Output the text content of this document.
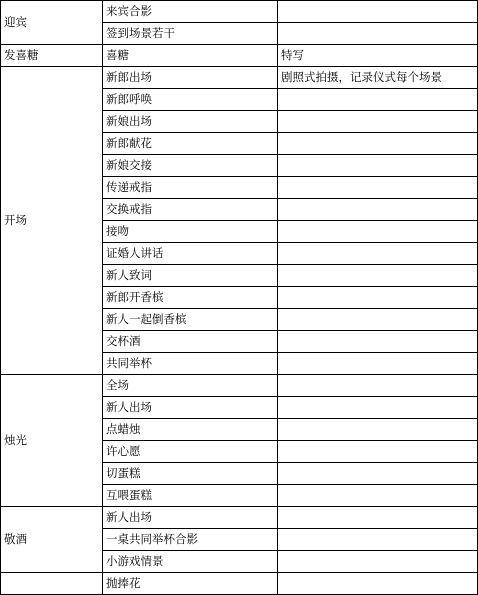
迎宾	来宾合影	
	签到场景若干	
发喜糖	喜糖	特写
开场	新郎出场	剧照式拍摄，记录仪式每个场景
	新郎呼唤	
	新娘出场	
	新郎献花	
	新娘交接	
	传递戒指	
	交换戒指	
	接吻	
	证婚人讲话	
	新人致词	
	新郎开香槟	
	新人一起倒香槟	
	交杯酒	
	共同举杯	
烛光	全场	
	新人出场	
	点蜡烛	
	许心愿	
	切蛋糕	
	互喂蛋糕	
敬酒	新人出场	
	一桌共同举杯合影	
	小游戏情景	
	抛捧花	
